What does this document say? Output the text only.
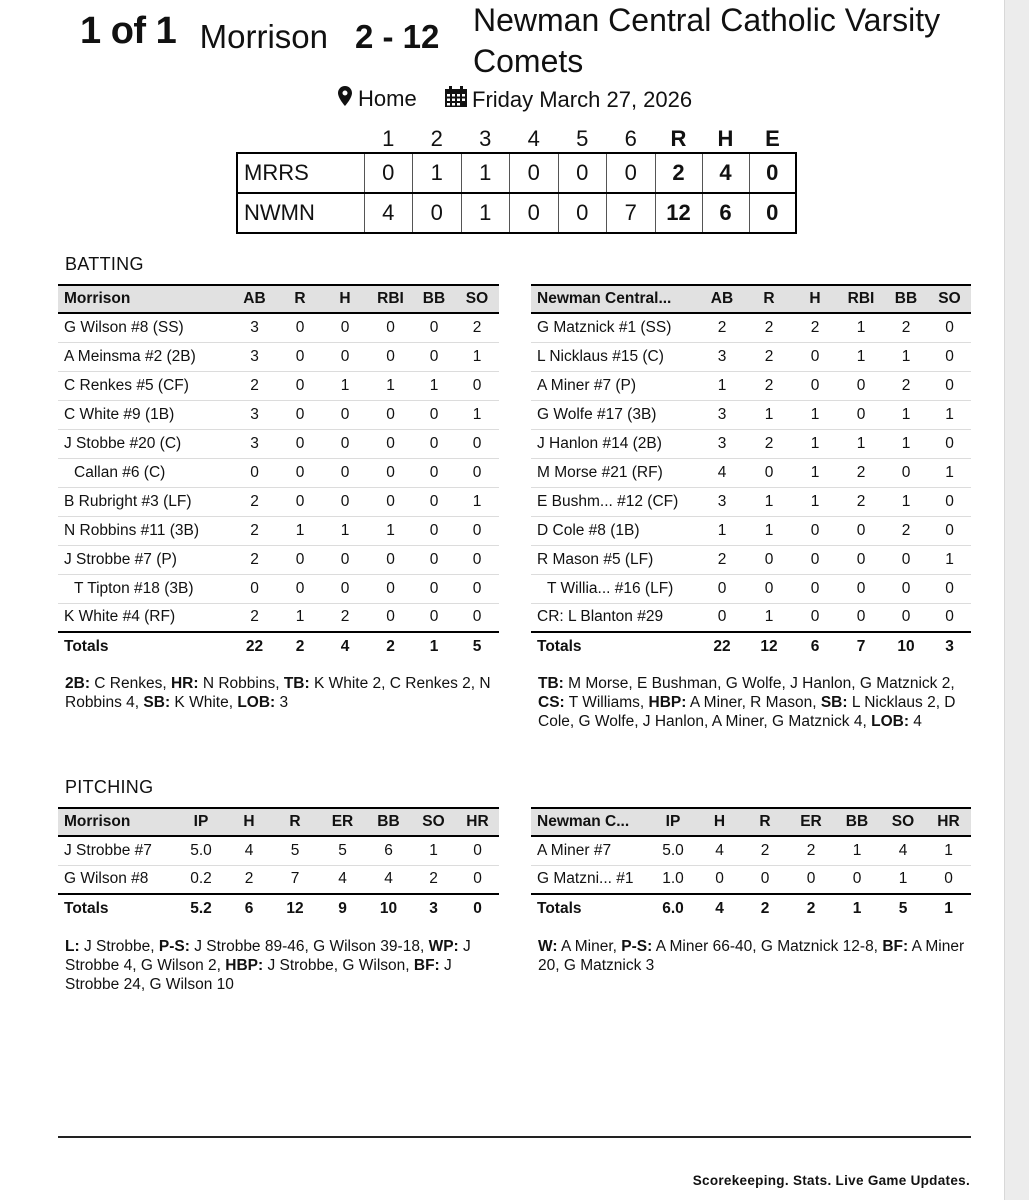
1 of 1 Morrison 2 - 12 Newman Central Catholic Varsity Comets
Home	Friday March 27, 2026
	1	2	3	4	5	6	R	H	E
MRRS	0	1	1	0	0	0	2	4	0
NWMN	4	0	1	0	0	7	12	6	0
BATTING
Morrison	AB	R	H	RBI	BB	SO
G Wilson #8 (SS)	3	0	0	0	0	2
A Meinsma #2 (2B)	3	0	0	0	0	1
C Renkes #5 (CF)	2	0	1	1	1	0
C White #9 (1B)	3	0	0	0	0	1
J Stobbe #20 (C)	3	0	0	0	0	0
Callan #6 (C)	0	0	0	0	0	0
B Rubright #3 (LF)	2	0	0	0	0	1
N Robbins #11 (3B)	2	1	1	1	0	0
J Strobbe #7 (P)	2	0	0	0	0	0
T Tipton #18 (3B)	0	0	0	0	0	0
K White #4 (RF)	2	1	2	0	0	0
Totals	22	2	4	2	1	5
Newman Central...	AB	R	H	RBI	BB	SO
G Matznick #1 (SS)	2	2	2	1	2	0
L Nicklaus #15 (C)	3	2	0	1	1	0
A Miner #7 (P)	1	2	0	0	2	0
G Wolfe #17 (3B)	3	1	1	0	1	1
J Hanlon #14 (2B)	3	2	1	1	1	0
M Morse #21 (RF)	4	0	1	2	0	1
E Bushm... #12 (CF)	3	1	1	2	1	0
D Cole #8 (1B)	1	1	0	0	2	0
R Mason #5 (LF)	2	0	0	0	0	1
T Willia... #16 (LF)	0	0	0	0	0	0
CR: L Blanton #29	0	1	0	0	0	0
Totals	22	12	6	7	10	3
2B: C Renkes, HR: N Robbins, TB: K White 2, C Renkes 2, N Robbins 4, SB: K White, LOB: 3
TB: M Morse, E Bushman, G Wolfe, J Hanlon, G Matznick 2, CS: T Williams, HBP: A Miner, R Mason, SB: L Nicklaus 2, D Cole, G Wolfe, J Hanlon, A Miner, G Matznick 4, LOB: 4
PITCHING
Morrison	IP	H	R	ER	BB	SO	HR
J Strobbe #7	5.0	4	5	5	6	1	0
G Wilson #8	0.2	2	7	4	4	2	0
Totals	5.2	6	12	9	10	3	0
Newman C...	IP	H	R	ER	BB	SO	HR
A Miner #7	5.0	4	2	2	1	4	1
G Matzni... #1	1.0	0	0	0	0	1	0
Totals	6.0	4	2	2	1	5	1
L: J Strobbe, P-S: J Strobbe 89-46, G Wilson 39-18, WP: J Strobbe 4, G Wilson 2, HBP: J Strobbe, G Wilson, BF: J Strobbe 24, G Wilson 10
W: A Miner, P-S: A Miner 66-40, G Matznick 12-8, BF: A Miner 20, G Matznick 3
Scorekeeping. Stats. Live Game Updates.
